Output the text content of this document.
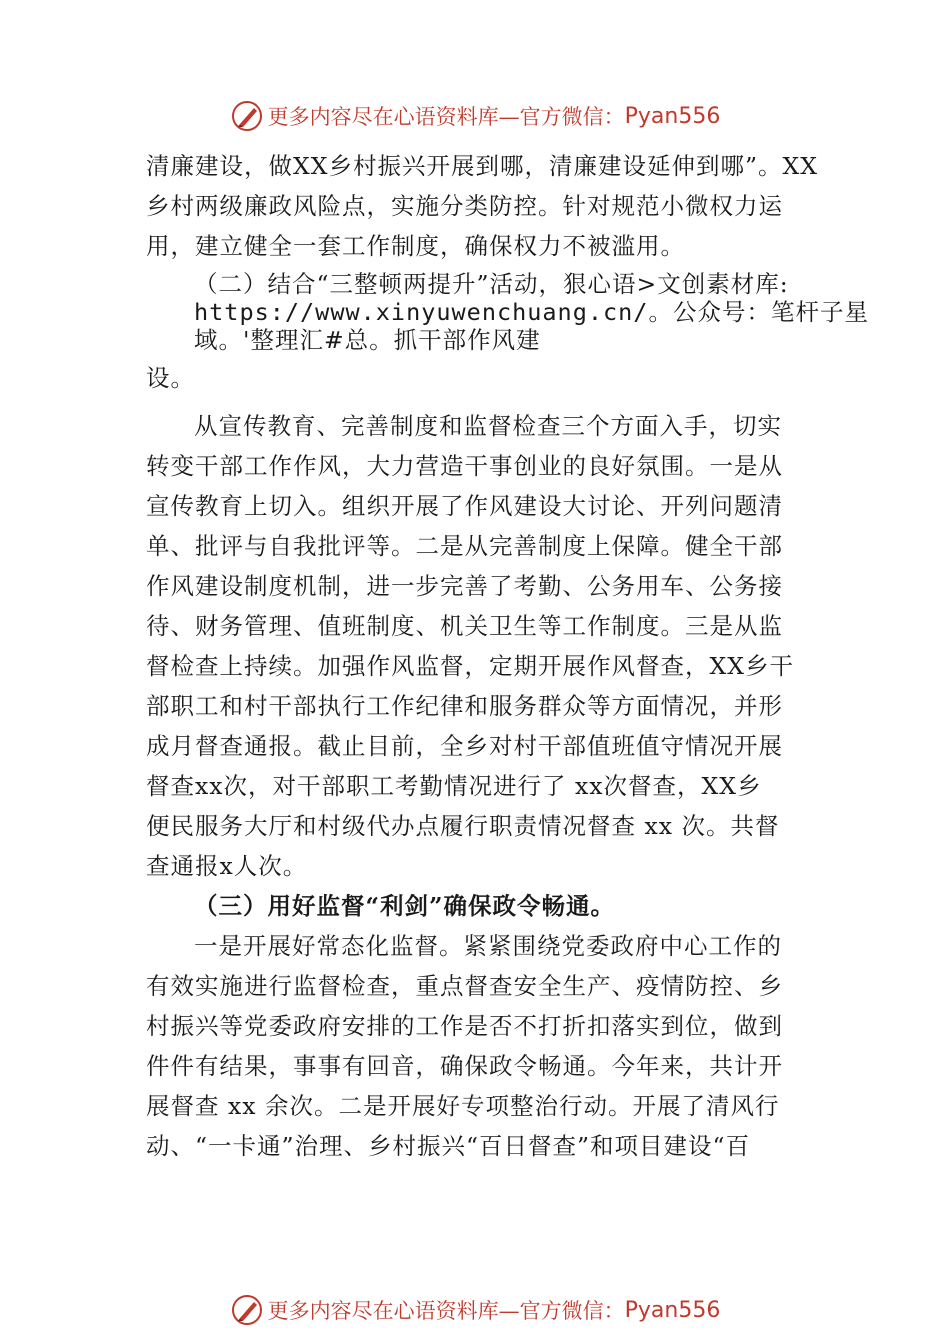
更多内容尽在心语资料库—官方微信： Pyan556
清廉建设，做XX乡村振兴开展到哪，清廉建设延伸到哪”。XX
乡村两级廉政风险点，实施分类防控。针对规范小微权力运
用，建立健全一套工作制度，确保权力不被滥用。
（二）结合“三整顿两提升”活动，狠心语>文创素材库:
https://www.xinyuwenchuang.cn/。公众号：笔杆子星
域。'整理汇#总。抓干部作风建
设。
从宣传教育、完善制度和监督检查三个方面入手，切实
转变干部工作作风，大力营造干事创业的良好氛围。一是从
宣传教育上切入。组织开展了作风建设大讨论、开列问题清
单、批评与自我批评等。二是从完善制度上保障。健全干部
作风建设制度机制，进一步完善了考勤、公务用车、公务接
待、财务管理、值班制度、机关卫生等工作制度。三是从监
督检查上持续。加强作风监督，定期开展作风督查，XX乡干
部职工和村干部执行工作纪律和服务群众等方面情况，并形
成月督查通报。截止目前，全乡对村干部值班值守情况开展
督查xx次，对干部职工考勤情况进行了 xx次督查，XX乡
便民服务大厅和村级代办点履行职责情况督查 xx 次。共督
查通报x人次。
（三）用好监督“利剑”确保政令畅通。
一是开展好常态化监督。紧紧围绕党委政府中心工作的
有效实施进行监督检查，重点督查安全生产、疫情防控、乡
村振兴等党委政府安排的工作是否不打折扣落实到位，做到
件件有结果，事事有回音，确保政令畅通。今年来，共计开
展督查 xx 余次。二是开展好专项整治行动。开展了清风行
动、“一卡通”治理、乡村振兴“百日督查”和项目建设“百
更多内容尽在心语资料库—官方微信： Pyan556
